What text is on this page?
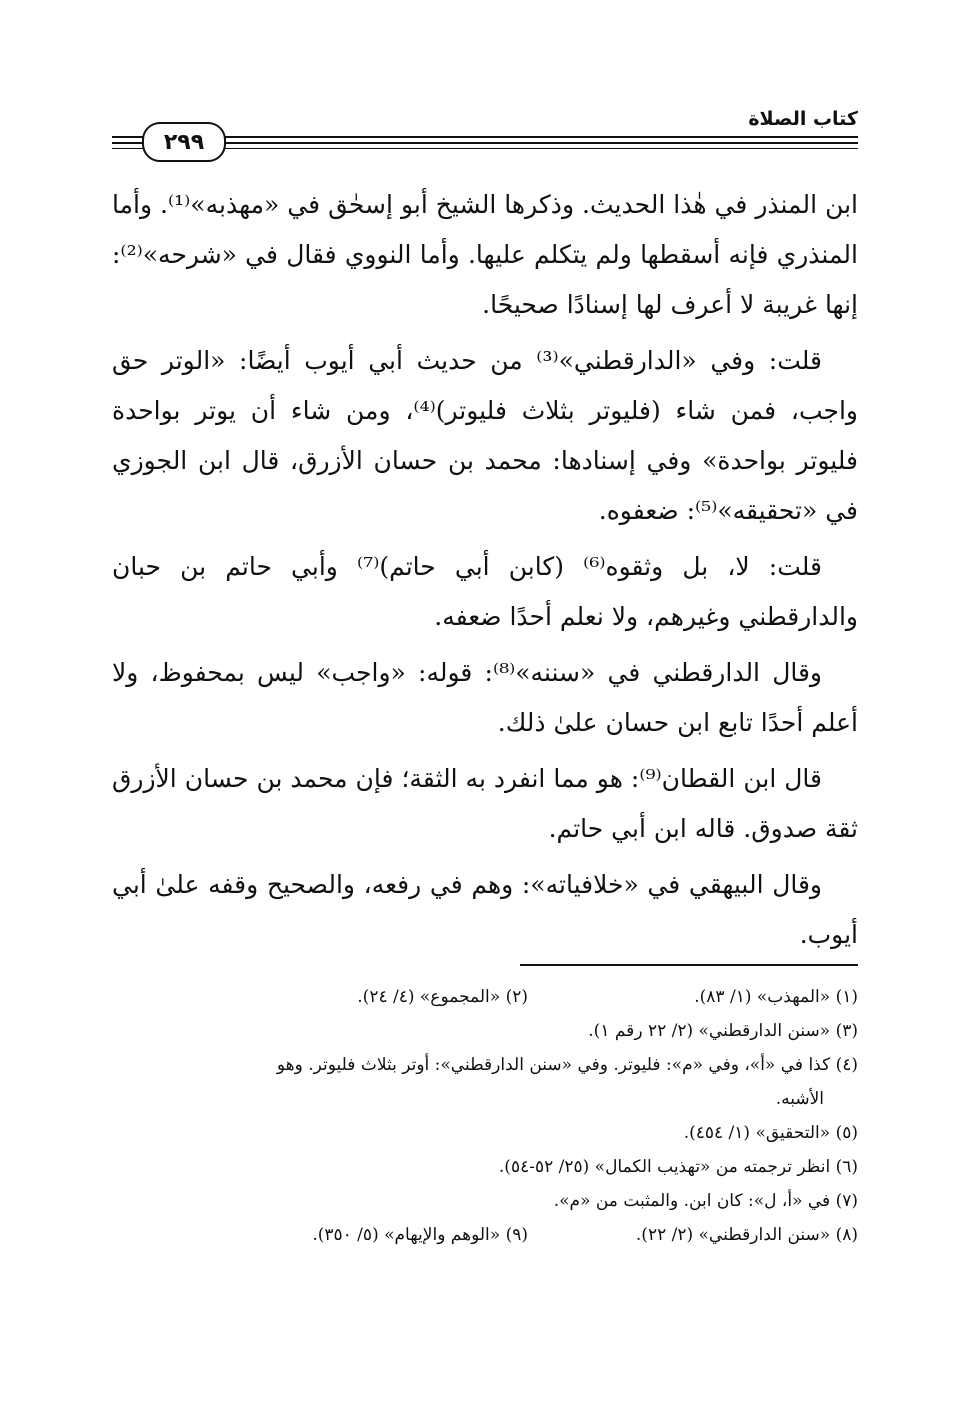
٢٩٩
كتاب الصلاة

ابن المنذر في هٰذا الحديث. وذكرها الشيخ أبو إسحٰق في «مهذبه»⁽¹⁾. وأما المنذري فإنه أسقطها ولم يتكلم عليها. وأما النووي فقال في «شرحه»⁽²⁾: إنها غريبة لا أعرف لها إسنادًا صحيحًا.

قلت: وفي «الدارقطني»⁽³⁾ من حديث أبي أيوب أيضًا: «الوتر حق واجب، فمن شاء (فليوتر بثلاث فليوتر)⁽⁴⁾، ومن شاء أن يوتر بواحدة فليوتر بواحدة» وفي إسنادها: محمد بن حسان الأزرق، قال ابن الجوزي في «تحقيقه»⁽⁵⁾: ضعفوه.

قلت: لا، بل وثقوه⁽⁶⁾ (كابن أبي حاتم)⁽⁷⁾ وأبي حاتم بن حبان والدارقطني وغيرهم، ولا نعلم أحدًا ضعفه.

وقال الدارقطني في «سننه»⁽⁸⁾: قوله: «واجب» ليس بمحفوظ، ولا أعلم أحدًا تابع ابن حسان علىٰ ذلك.

قال ابن القطان⁽⁹⁾: هو مما انفرد به الثقة؛ فإن محمد بن حسان الأزرق ثقة صدوق. قاله ابن أبي حاتم.

وقال البيهقي في «خلافياته»: وهم في رفعه، والصحيح وقفه علىٰ أبي أيوب.

(١) «المهذب» (١/ ٨٣).
(٢) «المجموع» (٤/ ٢٤).
(٣) «سنن الدارقطني» (٢/ ٢٢ رقم ١).
(٤) كذا في «أ»، وفي «م»: فليوتر. وفي «سنن الدارقطني»: أوتر بثلاث فليوتر. وهو
الأشبه.
(٥) «التحقيق» (١/ ٤٥٤).
(٦) انظر ترجمته من «تهذيب الكمال» (٢٥/ ٥٢-٥٤).
(٧) في «أ، ل»: كان ابن. والمثبت من «م».
(٨) «سنن الدارقطني» (٢/ ٢٢).
(٩) «الوهم والإيهام» (٥/ ٣٥٠).
